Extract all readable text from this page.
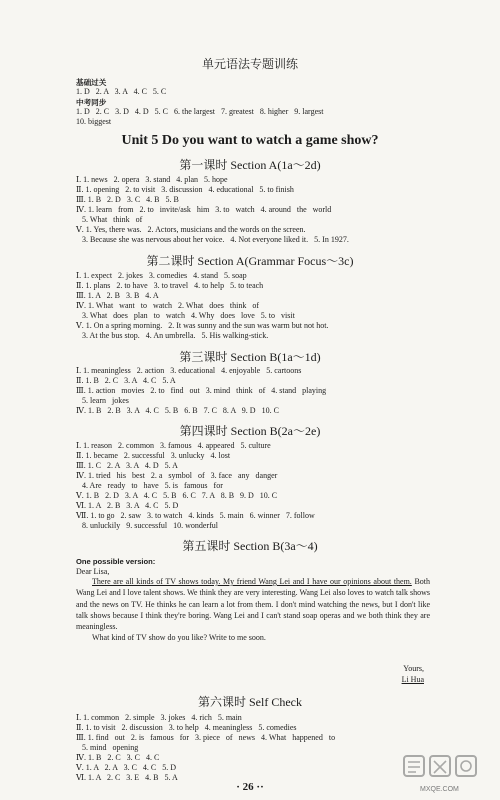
单元语法专题训练
基础过关
1. D   2. A   3. A   4. C   5. C
中考同步
1. D   2. C   3. D   4. D   5. C   6. the largest   7. greatest   8. higher   9. largest
10. biggest
Unit 5 Do you want to watch a game show?
第一课时 Section A(1a～2d)
Ⅰ. 1. news   2. opera   3. stand   4. plan   5. hope
Ⅱ. 1. opening   2. to visit   3. discussion   4. educational   5. to finish
Ⅲ. 1. B   2. D   3. C   4. B   5. B
Ⅳ. 1. learn   from   2. to   invite/ask   him   3. to   watch   4. around   the   world
5. What   think   of
Ⅴ. 1. Yes, there was.   2. Actors, musicians and the words on the screen.
3. Because she was nervous about her voice.   4. Not everyone liked it.   5. In 1927.
第二课时 Section A(Grammar Focus～3c)
Ⅰ. 1. expect   2. jokes   3. comedies   4. stand   5. soap
Ⅱ. 1. plans   2. to have   3. to travel   4. to help   5. to teach
Ⅲ. 1. A   2. B   3. B   4. A
Ⅳ. 1. What   want   to   watch   2. What   does   think   of
3. What   does   plan   to   watch   4. Why   does   love   5. to   visit
Ⅴ. 1. On a spring morning.   2. It was sunny and the sun was warm but not hot.
3. At the bus stop.   4. An umbrella.   5. His walking-stick.
第三课时 Section B(1a～1d)
Ⅰ. 1. meaningless   2. action   3. educational   4. enjoyable   5. cartoons
Ⅱ. 1. B   2. C   3. A   4. C   5. A
Ⅲ. 1. action   movies   2. to   find   out   3. mind   think   of   4. stand   playing
5. learn   jokes
Ⅳ. 1. B   2. B   3. A   4. C   5. B   6. B   7. C   8. A   9. D   10. C
第四课时 Section B(2a～2e)
Ⅰ. 1. reason   2. common   3. famous   4. appeared   5. culture
Ⅱ. 1. became   2. successful   3. unlucky   4. lost
Ⅲ. 1. C   2. A   3. A   4. D   5. A
Ⅳ. 1. tried   his   best   2. a   symbol   of   3. face   any   danger
4. Are   ready   to   have   5. is   famous   for
Ⅴ. 1. B   2. D   3. A   4. C   5. B   6. C   7. A   8. B   9. D   10. C
Ⅵ. 1. A   2. B   3. A   4. C   5. D
Ⅶ. 1. to go   2. saw   3. to watch   4. kinds   5. main   6. winner   7. follow
8. unluckily   9. successful   10. wonderful
第五课时 Section B(3a～4)
One possible version:
Dear Lisa,

There are all kinds of TV shows today. My friend Wang Lei and I have our opinions about them. Both Wang Lei and I love talent shows. We think they are very interesting. Wang Lei also loves to watch talk shows and the news on TV. He thinks he can learn a lot from them. I don't mind watching the news, but I don't like talk shows because I think they're boring. Wang Lei and I can't stand soap operas and we both think they are meaningless.

What kind of TV show do you like? Write to me soon.

Yours,
Li Hua
第六课时 Self Check
Ⅰ. 1. common   2. simple   3. jokes   4. rich   5. main
Ⅱ. 1. to visit   2. discussion   3. to help   4. meaningless   5. comedies
Ⅲ. 1. find   out   2. is   famous   for   3. piece   of   news   4. What   happened   to
5. mind   opening
Ⅳ. 1. B   2. C   3. C   4. C
Ⅴ. 1. A   2. A   3. C   4. C   5. D
Ⅵ. 1. A   2. C   3. E   4. B   5. A
· 26 ··	MXQE.COM
